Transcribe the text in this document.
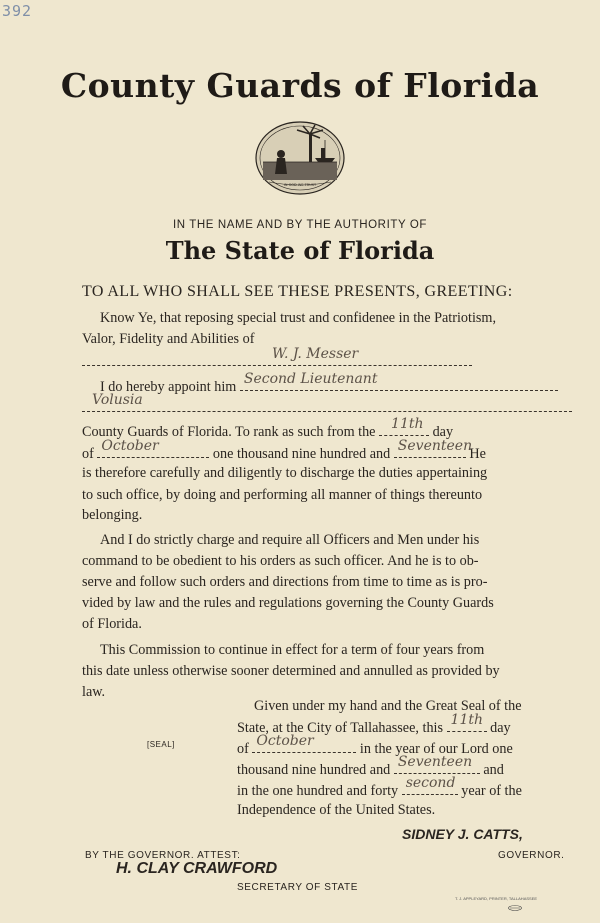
392
County Guards of Florida
IN GOD WE TRUST
IN THE NAME AND BY THE AUTHORITY OF
The State of Florida
TO ALL WHO SHALL SEE THESE PRESENTS, GREETING:
Know Ye, that reposing special trust and confidenee in the Patriotism,
Valor, Fidelity and Abilities of
W. J. Messer
I do hereby appoint him Second Lieutenant
Volusia
County Guards of Florida. To rank as such from the 11th day
of October	one thousand nine hundred and Seventeen
He
is therefore carefully and diligently to discharge the duties appertaining
to such office, by doing and performing all manner of things thereunto
belonging.
And I do strictly charge and require all Officers and Men under his
command to be obedient to his orders as such officer. And he is to ob-
serve and follow such orders and directions from time to time as is pro-
vided by law and the rules and regulations governing the County Guards
of Florida.
This Commission to continue in effect for a term of four years from
this date unless otherwise sooner determined and annulled as provided by
law.
Given under my hand and the Great Seal of the
State, at the City of Tallahassee, this 11th day
of October	in the year of our Lord one
thousand nine hundred and Seventeen and
in the one hundred and forty second year of the
Independence of the United States.
[SEAL]
SIDNEY J. CATTS,
GOVERNOR.
BY THE GOVERNOR. ATTEST:
H. CLAY CRAWFORD
SECRETARY OF STATE
T. J. APPLEYARD, PRINTER, TALLAHASSEE
